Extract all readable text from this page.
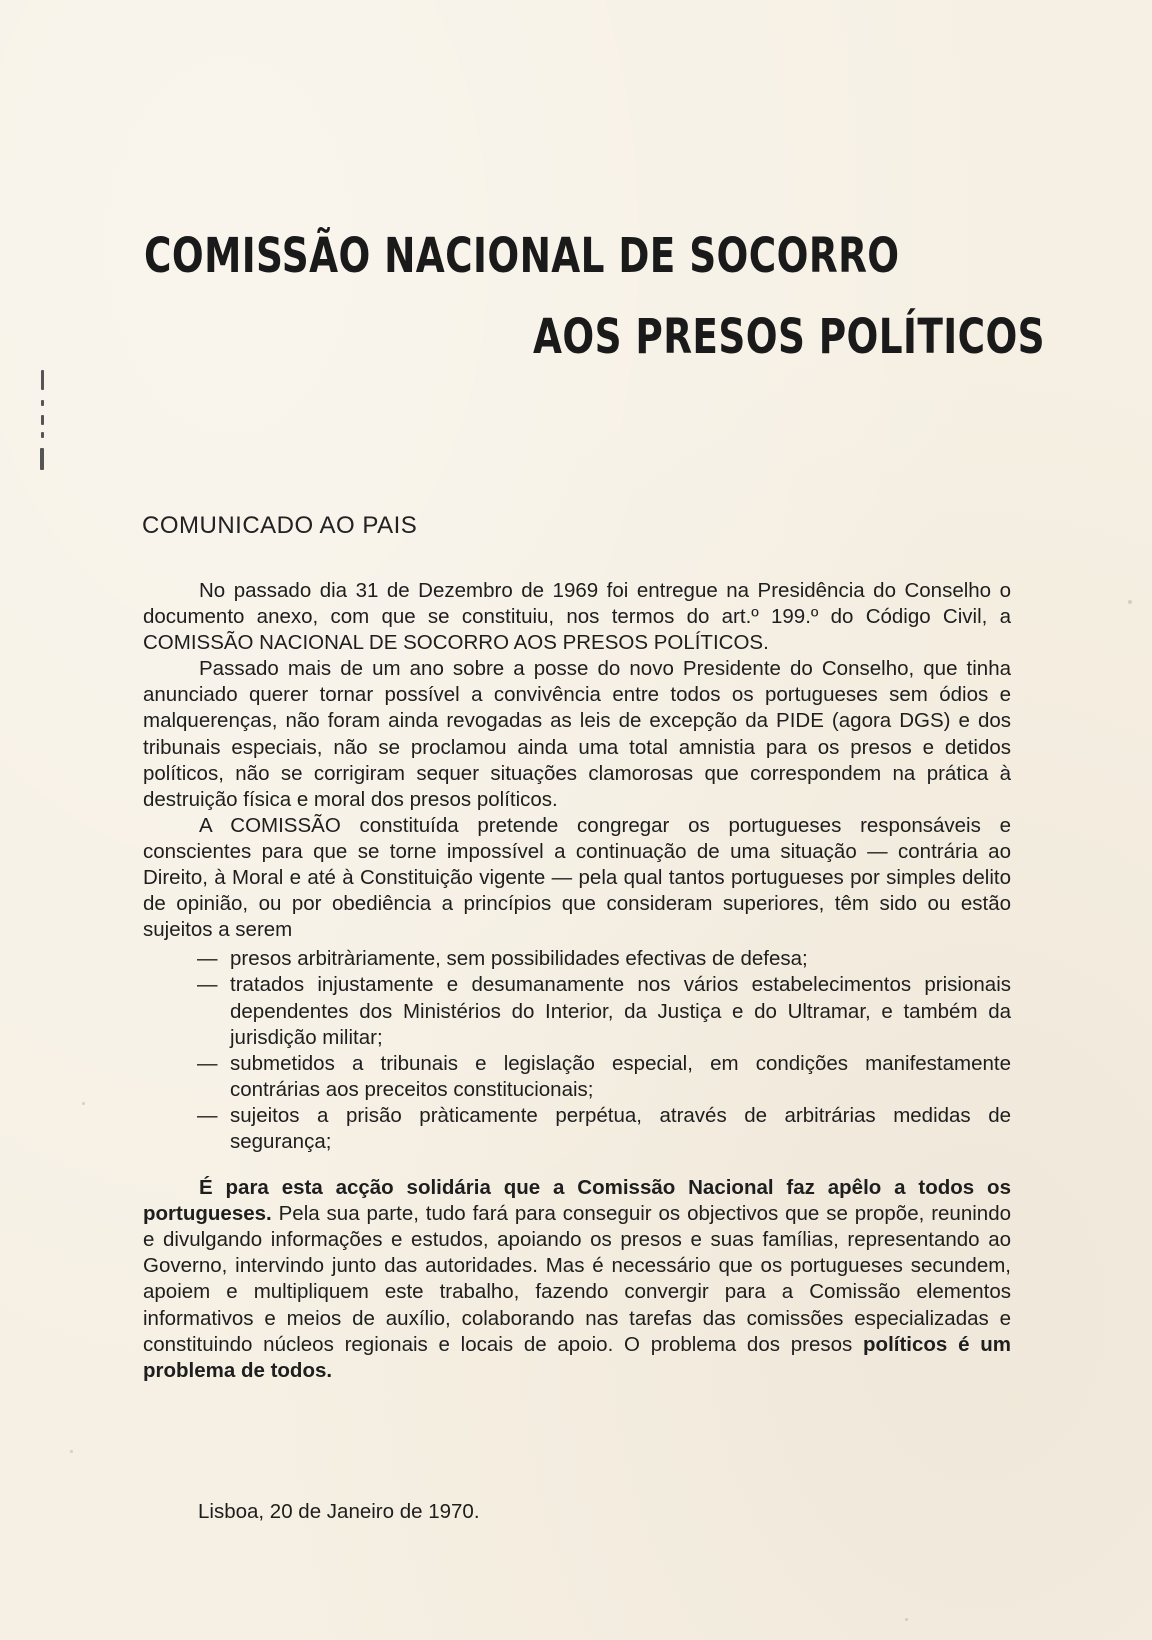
COMISSÃO NACIONAL DE SOCORRO
AOS PRESOS POLÍTICOS
COMUNICADO AO PAIS

No passado dia 31 de Dezembro de 1969 foi entregue na Presidência do Conselho o documento anexo, com que se constituiu, nos termos do art.º 199.º do Código Civil, a COMISSÃO NACIONAL DE SOCORRO AOS PRESOS POLÍTICOS.

Passado mais de um ano sobre a posse do novo Presidente do Conselho, que tinha anunciado querer tornar possível a convivência entre todos os portugueses sem ódios e malquerenças, não foram ainda revogadas as leis de excepção da PIDE (agora DGS) e dos tribunais especiais, não se proclamou ainda uma total amnistia para os presos e detidos políticos, não se corrigiram sequer situações clamorosas que correspondem na prática à destruição física e moral dos presos políticos.

A COMISSÃO constituída pretende congregar os portugueses responsáveis e conscientes para que se torne impossível a continuação de uma situação — contrária ao Direito, à Moral e até à Constituição vigente — pela qual tantos portugueses por simples delito de opinião, ou por obediência a princípios que consideram superiores, têm sido ou estão sujeitos a serem

— presos arbitràriamente, sem possibilidades efectivas de defesa;
— tratados injustamente e desumanamente nos vários estabelecimentos prisionais dependentes dos Ministérios do Interior, da Justiça e do Ultramar, e também da jurisdição militar;
— submetidos a tribunais e legislação especial, em condições manifestamente contrárias aos preceitos constitucionais;
— sujeitos a prisão pràticamente perpétua, através de arbitrárias medidas de segurança;

É para esta acção solidária que a Comissão Nacional faz apêlo a todos os portugueses. Pela sua parte, tudo fará para conseguir os objectivos que se propõe, reunindo e divulgando informações e estudos, apoiando os presos e suas famílias, representando ao Governo, intervindo junto das autoridades. Mas é necessário que os portugueses secundem, apoiem e multipliquem este trabalho, fazendo convergir para a Comissão elementos informativos e meios de auxílio, colaborando nas tarefas das comissões especializadas e constituindo núcleos regionais e locais de apoio. O problema dos presos políticos é um problema de todos.

Lisboa, 20 de Janeiro de 1970.
